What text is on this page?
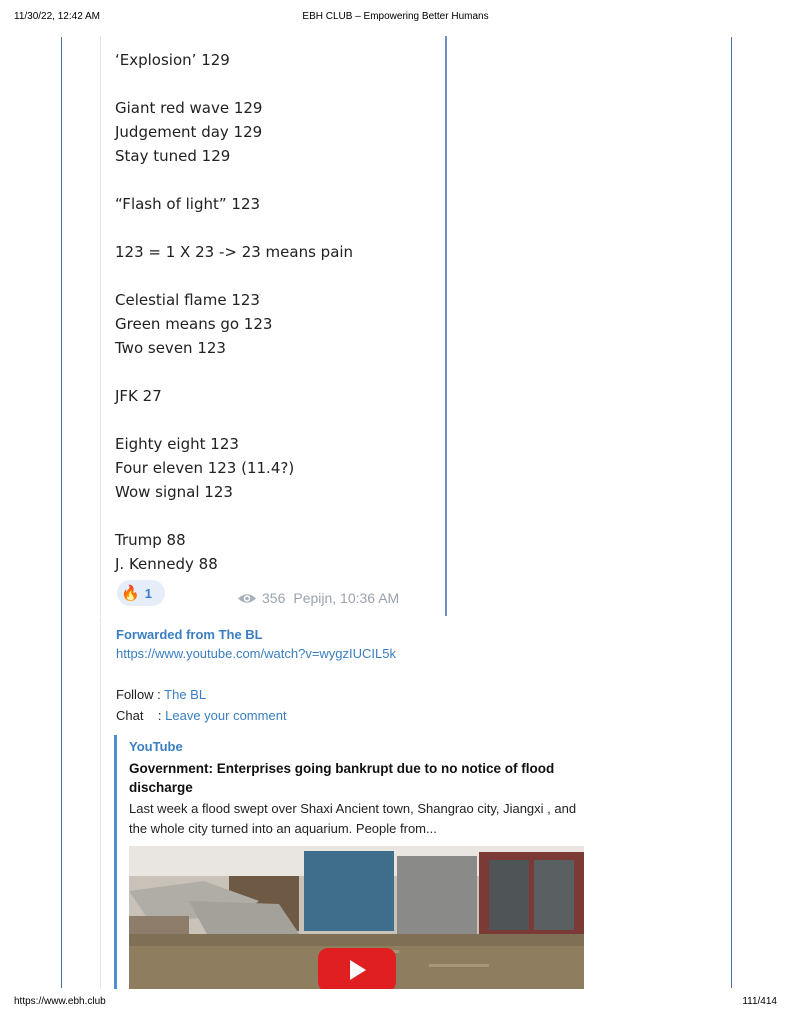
11/30/22, 12:42 AM	EBH CLUB – Empowering Better Humans
‘Explosion’ 129
Giant red wave 129
Judgement day 129
Stay tuned 129
“Flash of light” 123
123 = 1 X 23 -> 23 means pain
Celestial flame 123
Green means go 123
Two seven 123
JFK 27
Eighty eight 123
Four eleven 123 (11.4?)
Wow signal 123
Trump 88
J. Kennedy 88
🔥 1	356 Pepijn, 10:36 AM
Forwarded from The BL
https://www.youtube.com/watch?v=wygzIUCIL5k
Follow : The BL
Chat    : Leave your comment
YouTube
Government: Enterprises going bankrupt due to no notice of flood discharge
Last week a flood swept over Shaxi Ancient town, Shangrao city, Jiangxi , and the whole city turned into an aquarium. People from...
https://www.ebh.club	111/414
